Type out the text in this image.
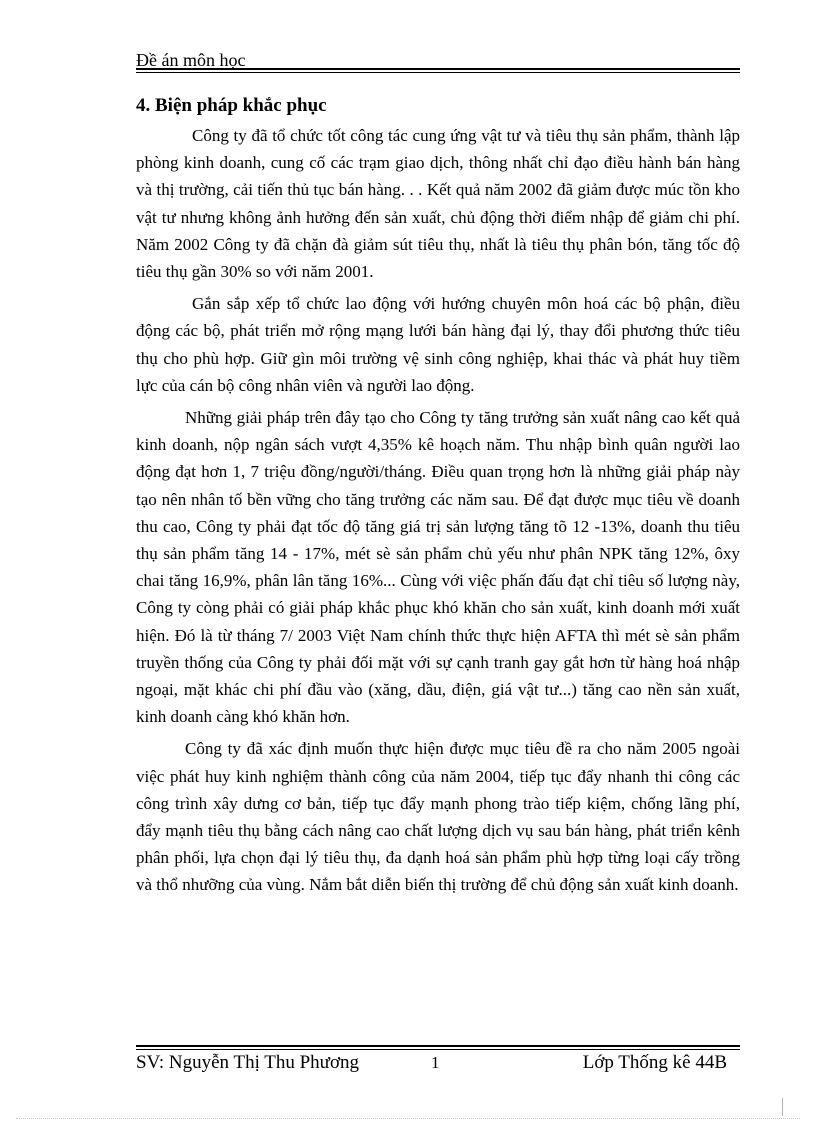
Đề án môn học
4. Biện pháp khắc phục

Công ty đã tổ chức tốt công tác cung ứng vật tư và tiêu thụ sản phẩm, thành lập phòng kinh doanh, cung cố các trạm giao dịch, thông nhất chỉ đạo điều hành bán hàng và thị trường, cải tiến thủ tục bán hàng. . . Kết quả năm 2002 đã giảm được múc tồn kho vật tư nhưng không ảnh hưởng đến sản xuất, chủ động thời điểm nhập để giảm chi phí. Năm 2002 Công ty đã chặn đà giảm sút tiêu thụ, nhất là tiêu thụ phân bón, tăng tốc độ tiêu thụ gần 30% so với năm 2001.

Gắn sắp xếp tổ chức lao động với hướng chuyên môn hoá các bộ phận, điều động các bộ, phát triển mở rộng mạng lưới bán hàng đại lý, thay đổi phương thức tiêu thụ cho phù hợp. Giữ gìn môi trường vệ sinh công nghiệp, khai thác và phát huy tiềm lực của cán bộ công nhân viên và người lao động.

Những giải pháp trên đây tạo cho Công ty tăng trưởng sản xuất nâng cao kết quả kinh doanh, nộp ngân sách vượt 4,35% kê hoạch năm. Thu nhập bình quân người lao động đạt hơn 1, 7 triệu đồng/người/tháng. Điều quan trọng hơn là những giải pháp này tạo nên nhân tố bền vững cho tăng trưởng các năm sau. Để đạt được mục tiêu về doanh thu cao, Công ty phải đạt tốc độ tăng giá trị sản lượng tăng tõ 12 -13%, doanh thu tiêu thụ sản phẩm tăng 14 - 17%, mét sè sản phẩm chủ yếu như phân NPK tăng 12%, ôxy chai tăng 16,9%, phân lân tăng 16%... Cùng với việc phấn đấu đạt chỉ tiêu số lượng này, Công ty còng phải có giải pháp khắc phục khó khăn cho sản xuất, kinh doanh mới xuất hiện. Đó là từ tháng 7/ 2003 Việt Nam chính thức thực hiện AFTA thì mét sè sản phẩm truyền thống của Công ty phải đối mặt với sự cạnh tranh gay gắt hơn từ hàng hoá nhập ngoại, mặt khác chi phí đầu vào (xăng, dầu, điện, giá vật tư...) tăng cao nền sản xuất, kinh doanh càng khó khăn hơn.

Công ty đã xác định muốn thực hiện được mục tiêu đề ra cho năm 2005 ngoài việc phát huy kinh nghiệm thành công của năm 2004, tiếp tục đẩy nhanh thi công các công trình xây dưng cơ bản, tiếp tục đẩy mạnh phong trào tiếp kiệm, chống lãng phí, đẩy mạnh tiêu thụ bằng cách nâng cao chất lượng dịch vụ sau bán hàng, phát triển kênh phân phối, lựa chọn đại lý tiêu thụ, đa dạnh hoá sản phẩm phù hợp từng loại cấy trồng và thổ nhưỡng của vùng. Nắm bắt diễn biến thị trường để chủ động sản xuất kinh doanh.

SV: Nguyễn Thị Thu Phương	1	Lớp Thống kê 44B
